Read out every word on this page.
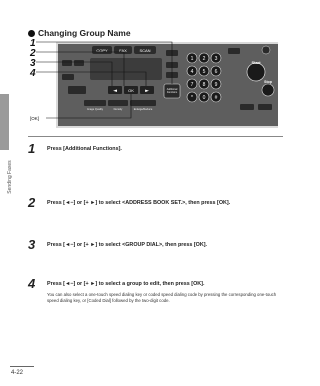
Sending Faxes
Changing Group Name
COPY	FAX	SCAN
◄	OK ►
Image Quality	Density	Enlarge/Reduce
Additional
Functions
1 2 3
4 5 6
7 8 9
* 0 #
Start
Stop
1
2
3
4
[OK]
1 Press [Additional Functions].
2 Press [◄−] or [+ ►] to select <ADDRESS BOOK SET.>, then press [OK].
3 Press [◄−] or [+ ►] to select <GROUP DIAL>, then press [OK].
4 Press [◄−] or [+ ►] to select a group to edit, then press [OK].
You can also select a one-touch speed dialing key or coded speed dialing code by pressing the corresponding one-touch speed dialing key, or [Coded Dial] followed by the two-digit code.
4-22
